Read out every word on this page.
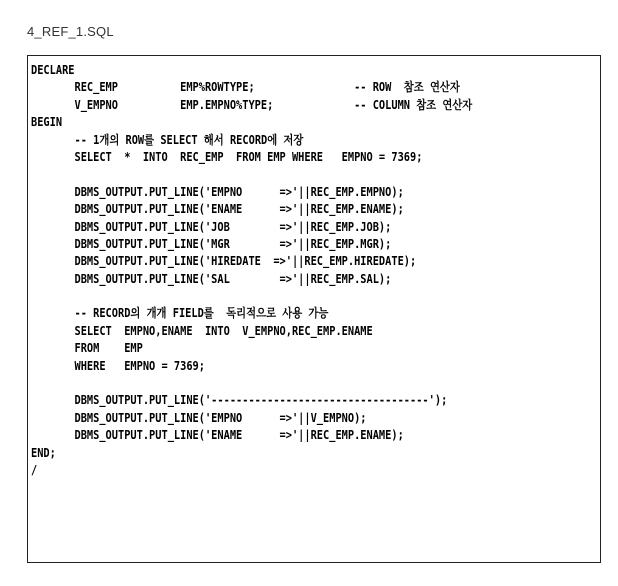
4_REF_1.SQL
DECLARE
REC_EMP          EMP%ROWTYPE;                -- ROW  참조 연산자
V_EMPNO          EMP.EMPNO%TYPE;             -- COLUMN 참조 연산자
BEGIN
-- 1개의 ROW를 SELECT 해서 RECORD에 저장
SELECT  *  INTO  REC_EMP  FROM EMP WHERE   EMPNO = 7369;
DBMS_OUTPUT.PUT_LINE('EMPNO      =>'||REC_EMP.EMPNO);
DBMS_OUTPUT.PUT_LINE('ENAME      =>'||REC_EMP.ENAME);
DBMS_OUTPUT.PUT_LINE('JOB        =>'||REC_EMP.JOB);
DBMS_OUTPUT.PUT_LINE('MGR        =>'||REC_EMP.MGR);
DBMS_OUTPUT.PUT_LINE('HIREDATE  =>'||REC_EMP.HIREDATE);
DBMS_OUTPUT.PUT_LINE('SAL        =>'||REC_EMP.SAL);
-- RECORD의 개개 FIELD를  독리적으로 사용 가능
SELECT  EMPNO,ENAME  INTO  V_EMPNO,REC_EMP.ENAME
FROM    EMP
WHERE   EMPNO = 7369;
DBMS_OUTPUT.PUT_LINE('-----------------------------------');
DBMS_OUTPUT.PUT_LINE('EMPNO      =>'||V_EMPNO);
DBMS_OUTPUT.PUT_LINE('ENAME      =>'||REC_EMP.ENAME);
END;
/
